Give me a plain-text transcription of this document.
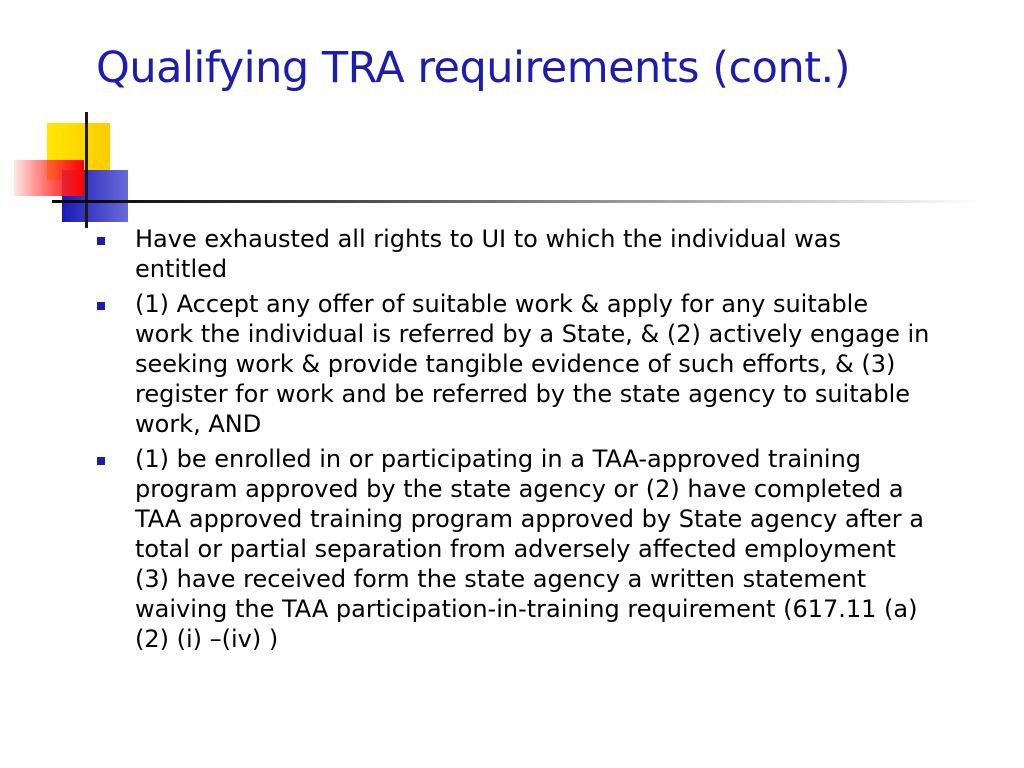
Qualifying TRA requirements (cont.)
Have exhausted all rights to UI to which the individual was entitled
(1) Accept any offer of suitable work & apply for any suitable work the individual is referred by a State, & (2) actively engage in seeking work & provide tangible evidence of such efforts, & (3) register for work and be referred by the state agency to suitable work, AND
(1) be enrolled in or participating in a TAA-approved training program approved by the state agency or (2) have completed a TAA approved training program approved by State agency after a total or partial separation from adversely affected employment (3) have received form the state agency a written statement waiving the TAA participation-in-training requirement (617.11 (a) (2) (i) –(iv) )
